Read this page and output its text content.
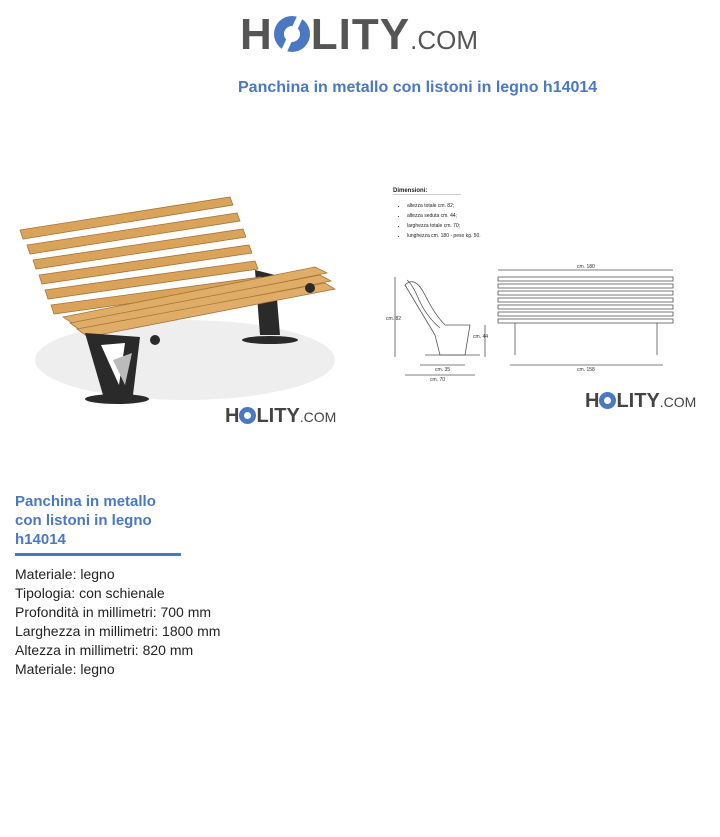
H LITY.COM
Panchina in metallo con listoni in legno h14014
H LITY.COM
cm. 82
cm. 44
cm. 35
cm. 70
cm. 180
cm. 158
Dimensioni:
• altezza totale cm. 82;
• altezza seduta cm. 44;
• larghezza totale cm. 70;
• lunghezza cm. 180 - peso kg. 50.
H LITY.COM
Panchina in metallo con listoni in legno h14014
Materiale: legno
Tipologia: con schienale
Profondità in millimetri: 700 mm
Larghezza in millimetri: 1800 mm
Altezza in millimetri: 820 mm
Materiale: legno
